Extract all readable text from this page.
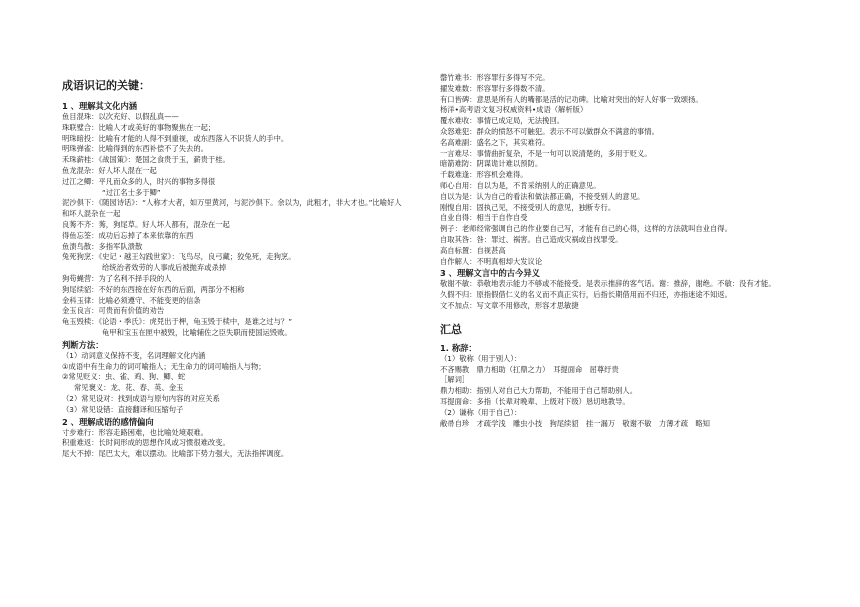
成语识记的关键：
1 、理解其文化内涵
鱼目混珠：以次充好、以假乱真——
珠联璧合：比喻人才或美好的事物聚焦在一起；
明珠暗投：比喻有才能的人得不到重视，或东西落入不识货人的手中。
明珠弹雀：比喻得到的东西补偿不了失去的。
禾珠薪桂：《战国策》：楚国之食贵于玉，薪贵于桂。
鱼龙混杂：好人坏人混在一起
过江之鲫：平凡而众多的人，时兴的事物多得很
“过江名士多于鲫”
泥沙俱下：《随园诗话》：“人称才大者，如万里黄河，与泥沙俱下。余以为，此粗才，非大才也。”比喻好人和坏人混杂在一起
良莠不齐：莠，狗尾草。好人坏人都有，混杂在一起
得鱼忘筌：成功后忘掉了本来依靠的东西
鱼溃鸟散：多指军队溃散
兔死狗烹：《史记・越王勾践世家》：飞鸟尽，良弓藏；狡兔死，走狗烹。
给统治者效劳的人事成后被抛弃或杀掉
狗苟蝇营：为了名利不择手段的人
狗尾续貂：不好的东西接在好东西的后面，两部分不相称
金科玉律：比喻必须遵守、不能变更的信条
金玉良言：可贵而有价值的劝告
龟玉毁椟：《论语・季氏》：虎兕出于柙，龟玉毁于椟中，是谁之过与？”
龟甲和宝玉在匣中被毁，比喻辅佐之臣失职而使国运毁败。
判断方法：
（1）动词意义保持不变，名词理解文化内涵
①成语中有生命力的词可喻指人；无生命力的词可喻指人与物；
②常见贬义：虫、雀、鸡、狗、鲫、蛇
常见褒义：龙、花、春、英、金玉
（2）常见设对：找到成语与原句内容的对应关系
（3）常见设错：直接翻译和压缩句子
2 、理解成语的感情偏向
寸步难行：形容走路困难，也比喻处境艰难。
积重难返：长时间形成的思想作风或习惯很难改变。
尾大不掉：尾巴太大，难以摆动。比喻部下势力强大，无法指挥调度。
罄竹难书：形容罪行多得写不完。
擢发难数：形容罪行多得数不清。
有口皆碑：意思是所有人的嘴都是活的记功碑。比喻对突出的好人好事一致颂扬。
杨洋•高考语文复习权威资料•成语（解析版）
覆水难收：事情已成定局，无法挽回。
众怒难犯：群众的愤怒不可触犯。表示不可以做群众不满意的事情。
名高难副：盛名之下，其实难符。
一言难尽：事情曲折复杂，不是一句可以说清楚的，多用于贬义。
暗箭难防：阴谋诡计难以预防。
千载难逢：形容机会难得。
师心自用：自以为是，不肯采纳别人的正确意见。
自以为是：认为自己的看法和做法都正确，不接受别人的意见。
刚愎自用：固执己见，不接受别人的意见，独断专行。
自业自得：相当于自作自受
例子：老师经常强调自己的作业要自己写，才能有自己的心得，这样的方法就叫自业自得。
自取其咎：咎：罪过、祸害。自己造成灾祸或自找罪受。
高自标置：自视甚高
自作解人：不明真相却大发议论
3 、理解文言中的古今异义
敬谢不敏：恭敬地表示能力不够或不能接受。是表示推辞的客气话。谢：推辞，谢绝。不敏：没有才能。
久假不归：原指假借仁义的名义而不真正实行，后指长期借用而不归还，亦指迷途不知返。
文不加点：写文章不用修改，形容才思敏捷
汇总
1. 称辞：
（1）敬称（用于别人）：
不吝赐教　鼎力相助（扛鼎之力）　耳提面命　屈尊纡贵
［解词］
鼎力相助：指别人对自己大力帮助，不能用于自己帮助别人。
耳提面命：多指（长辈对晚辈、上级对下级）恳切地教导。
（2）谦称（用于自己）：
敝帚自珍　才疏学浅　雕虫小技　狗尾续貂　挂一漏万　敬谢不敏　力薄才疏　略知
